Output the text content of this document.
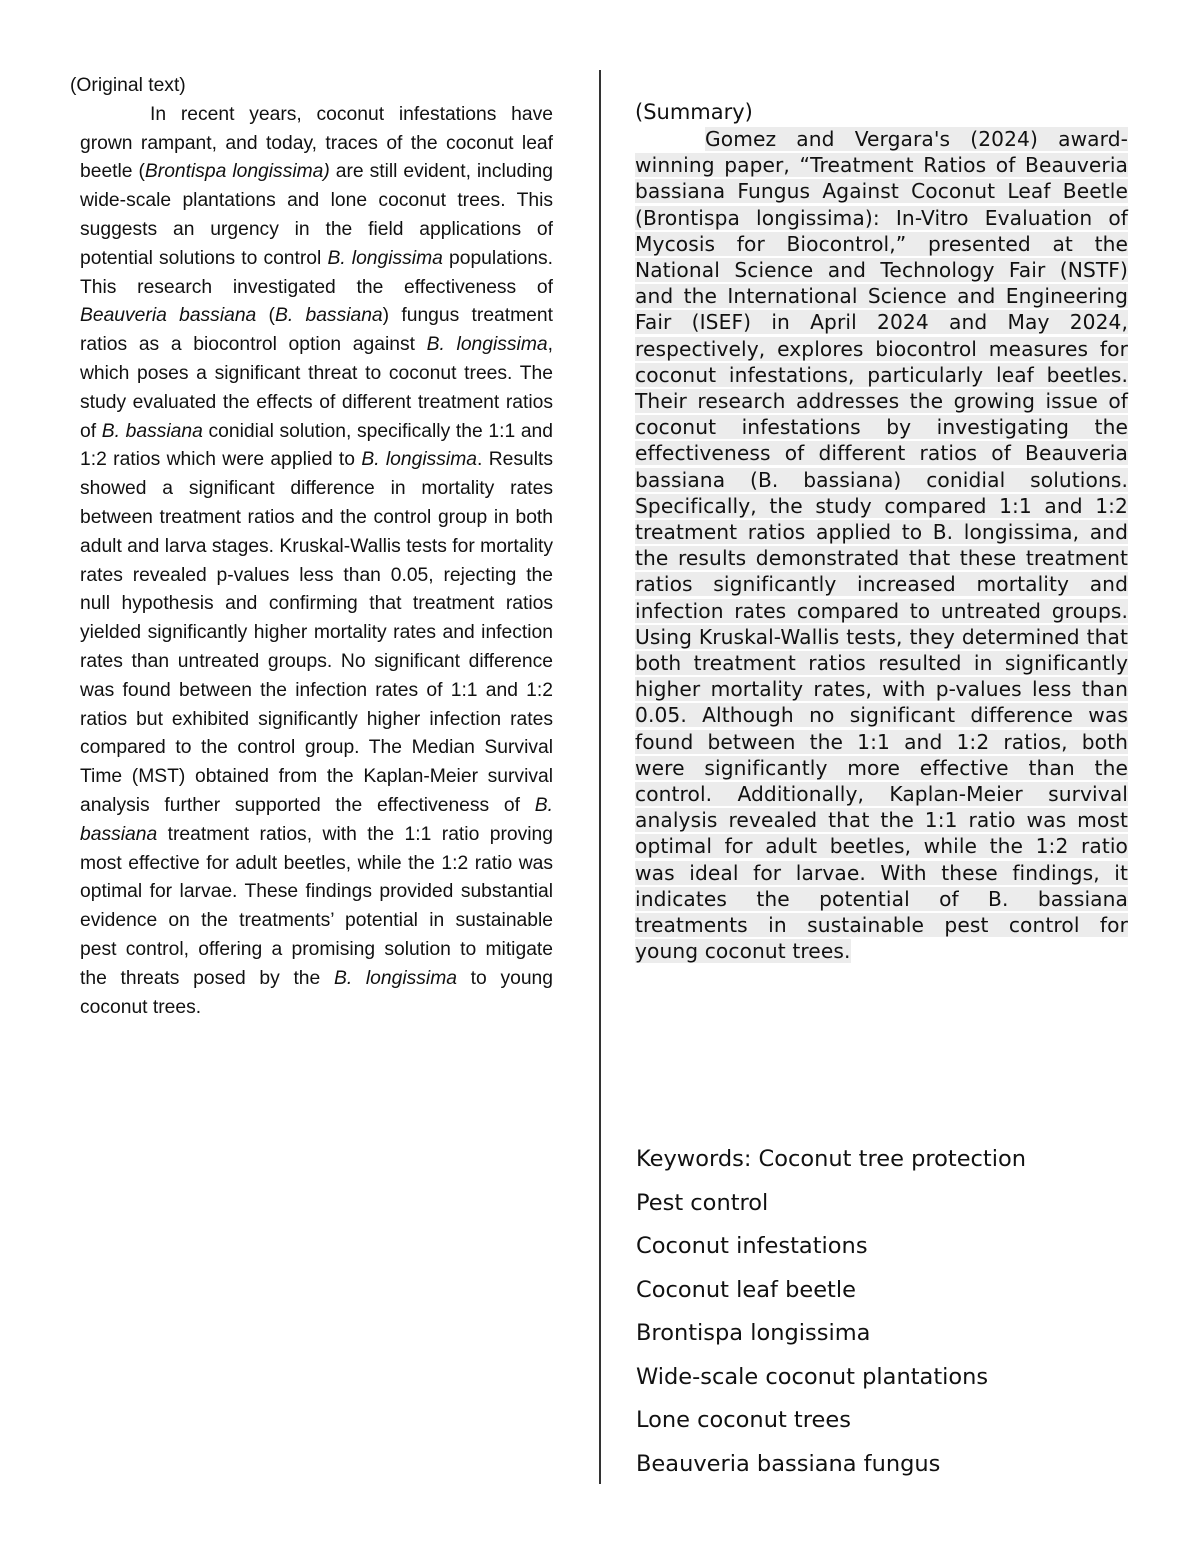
(Original text)

In recent years, coconut infestations have grown rampant, and today, traces of the coconut leaf beetle (Brontispa longissima) are still evident, including wide-scale plantations and lone coconut trees. This suggests an urgency in the field applications of potential solutions to control B. longissima populations. This research investigated the effectiveness of Beauveria bassiana (B. bassiana) fungus treatment ratios as a biocontrol option against B. longissima, which poses a significant threat to coconut trees. The study evaluated the effects of different treatment ratios of B. bassiana conidial solution, specifically the 1:1 and 1:2 ratios which were applied to B. longissima. Results showed a significant difference in mortality rates between treatment ratios and the control group in both adult and larva stages. Kruskal-Wallis tests for mortality rates revealed p-values less than 0.05, rejecting the null hypothesis and confirming that treatment ratios yielded significantly higher mortality rates and infection rates than untreated groups. No significant difference was found between the infection rates of 1:1 and 1:2 ratios but exhibited significantly higher infection rates compared to the control group. The Median Survival Time (MST) obtained from the Kaplan-Meier survival analysis further supported the effectiveness of B. bassiana treatment ratios, with the 1:1 ratio proving most effective for adult beetles, while the 1:2 ratio was optimal for larvae. These findings provided substantial evidence on the treatments’ potential in sustainable pest control, offering a promising solution to mitigate the threats posed by the B. longissima to young coconut trees.

(Summary)

Gomez and Vergara's (2024) award-winning paper, “Treatment Ratios of Beauveria bassiana Fungus Against Coconut Leaf Beetle (Brontispa longissima): In-Vitro Evaluation of Mycosis for Biocontrol,” presented at the National Science and Technology Fair (NSTF) and the International Science and Engineering Fair (ISEF) in April 2024 and May 2024, respectively, explores biocontrol measures for coconut infestations, particularly leaf beetles. Their research addresses the growing issue of coconut infestations by investigating the effectiveness of different ratios of Beauveria bassiana (B. bassiana) conidial solutions. Specifically, the study compared 1:1 and 1:2 treatment ratios applied to B. longissima, and the results demonstrated that these treatment ratios significantly increased mortality and infection rates compared to untreated groups. Using Kruskal-Wallis tests, they determined that both treatment ratios resulted in significantly higher mortality rates, with p-values less than 0.05. Although no significant difference was found between the 1:1 and 1:2 ratios, both were significantly more effective than the control. Additionally, Kaplan-Meier survival analysis revealed that the 1:1 ratio was most optimal for adult beetles, while the 1:2 ratio was ideal for larvae. With these findings, it indicates the potential of B. bassiana treatments in sustainable pest control for young coconut trees.

Keywords: Coconut tree protection
Pest control
Coconut infestations
Coconut leaf beetle
Brontispa longissima
Wide-scale coconut plantations
Lone coconut trees
Beauveria bassiana fungus
